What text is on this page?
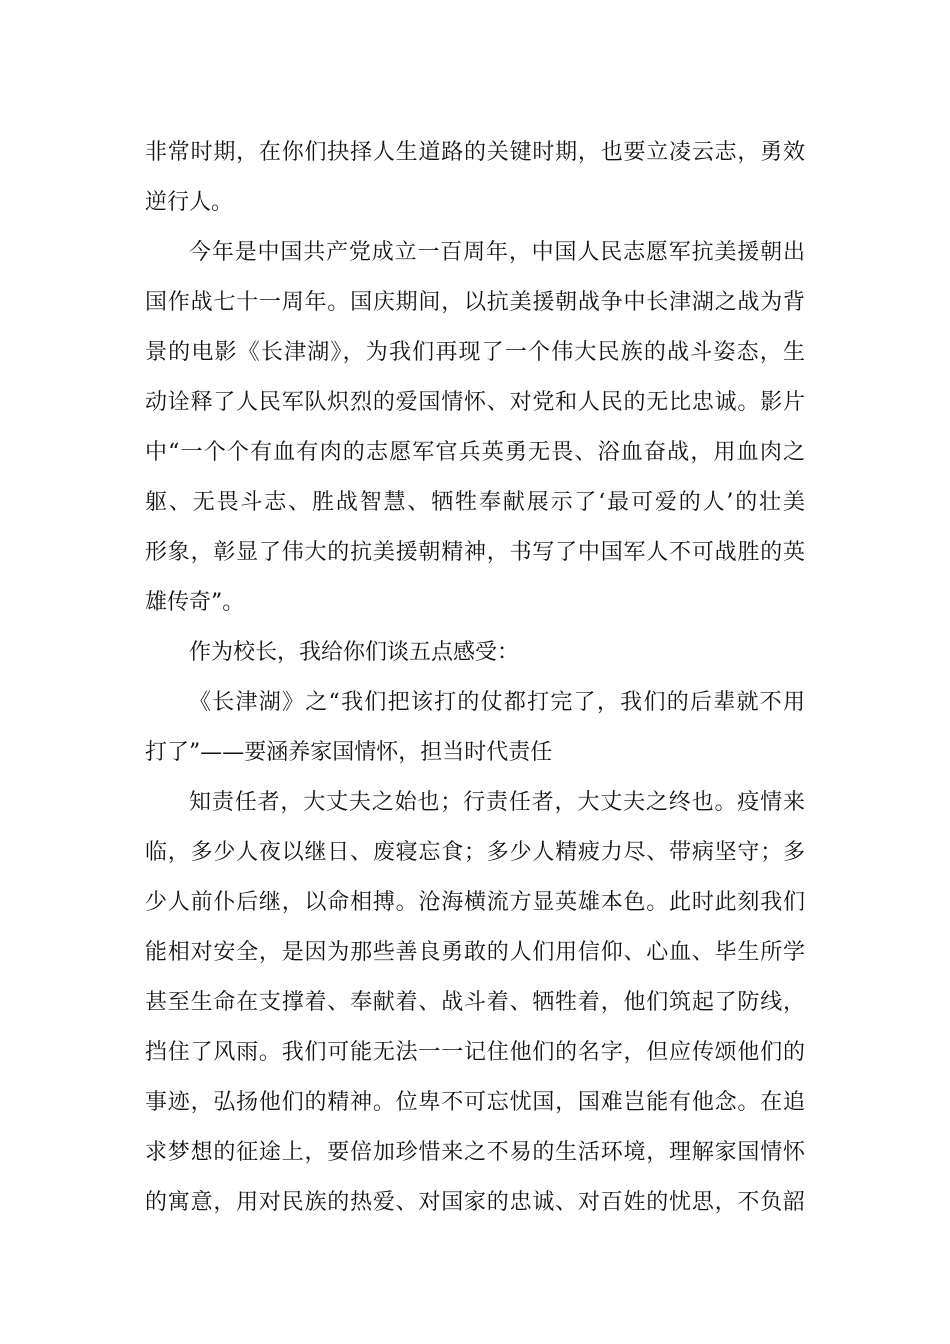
非常时期，在你们抉择人生道路的关键时期，也要立凌云志，勇效
逆行人。
今年是中国共产党成立一百周年，中国人民志愿军抗美援朝出
国作战七十一周年。国庆期间，以抗美援朝战争中长津湖之战为背
景的电影《长津湖》，为我们再现了一个伟大民族的战斗姿态，生
动诠释了人民军队炽烈的爱国情怀、对党和人民的无比忠诚。影片
中“一个个有血有肉的志愿军官兵英勇无畏、浴血奋战，用血肉之
躯、无畏斗志、胜战智慧、牺牲奉献展示了‘最可爱的人’的壮美
形象，彰显了伟大的抗美援朝精神，书写了中国军人不可战胜的英
雄传奇”。
作为校长，我给你们谈五点感受：
《长津湖》之“我们把该打的仗都打完了，我们的后辈就不用
打了”——要涵养家国情怀，担当时代责任
知责任者，大丈夫之始也；行责任者，大丈夫之终也。疫情来
临，多少人夜以继日、废寝忘食；多少人精疲力尽、带病坚守；多
少人前仆后继，以命相搏。沧海横流方显英雄本色。此时此刻我们
能相对安全，是因为那些善良勇敢的人们用信仰、心血、毕生所学
甚至生命在支撑着、奉献着、战斗着、牺牲着，他们筑起了防线，
挡住了风雨。我们可能无法一一记住他们的名字，但应传颂他们的
事迹，弘扬他们的精神。位卑不可忘忧国，国难岂能有他念。在追
求梦想的征途上，要倍加珍惜来之不易的生活环境，理解家国情怀
的寓意，用对民族的热爱、对国家的忠诚、对百姓的忧思，不负韶
